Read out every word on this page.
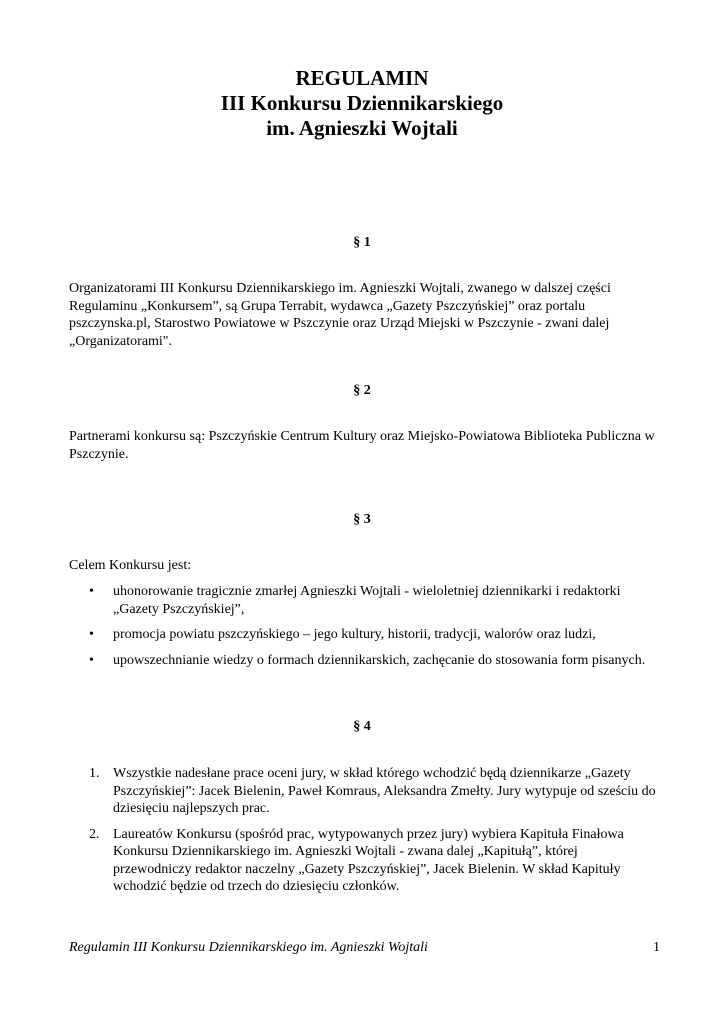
REGULAMIN
III Konkursu Dziennikarskiego
im. Agnieszki Wojtali
§ 1
Organizatorami III Konkursu Dziennikarskiego im. Agnieszki Wojtali, zwanego w dalszej części Regulaminu „Konkursem”, są Grupa Terrabit, wydawca „Gazety Pszczyńskiej” oraz portalu pszczynska.pl, Starostwo Powiatowe w Pszczynie oraz Urząd Miejski w Pszczynie - zwani dalej „Organizatorami".
§ 2
Partnerami konkursu są: Pszczyńskie Centrum Kultury oraz Miejsko-Powiatowa Biblioteka Publiczna w Pszczynie.
§ 3
Celem Konkursu jest:
• uhonorowanie tragicznie zmarłej Agnieszki Wojtali - wieloletniej dziennikarki i redaktorki „Gazety Pszczyńskiej”,
• promocja powiatu pszczyńskiego – jego kultury, historii, tradycji, walorów oraz ludzi,
• upowszechnianie wiedzy o formach dziennikarskich, zachęcanie do stosowania form pisanych.
§ 4
1. Wszystkie nadesłane prace oceni jury, w skład którego wchodzić będą dziennikarze „Gazety Pszczyńskiej”: Jacek Bielenin, Paweł Komraus, Aleksandra Zmełty. Jury wytypuje od sześciu do dziesięciu najlepszych prac.
2. Laureatów Konkursu (spośród prac, wytypowanych przez jury) wybiera Kapituła Finałowa Konkursu Dziennikarskiego im. Agnieszki Wojtali - zwana dalej „Kapitułą”, której przewodniczy redaktor naczelny „Gazety Pszczyńskiej”, Jacek Bielenin. W skład Kapituły wchodzić będzie od trzech do dziesięciu członków.
Regulamin III Konkursu Dziennikarskiego im. Agnieszki Wojtali	1
